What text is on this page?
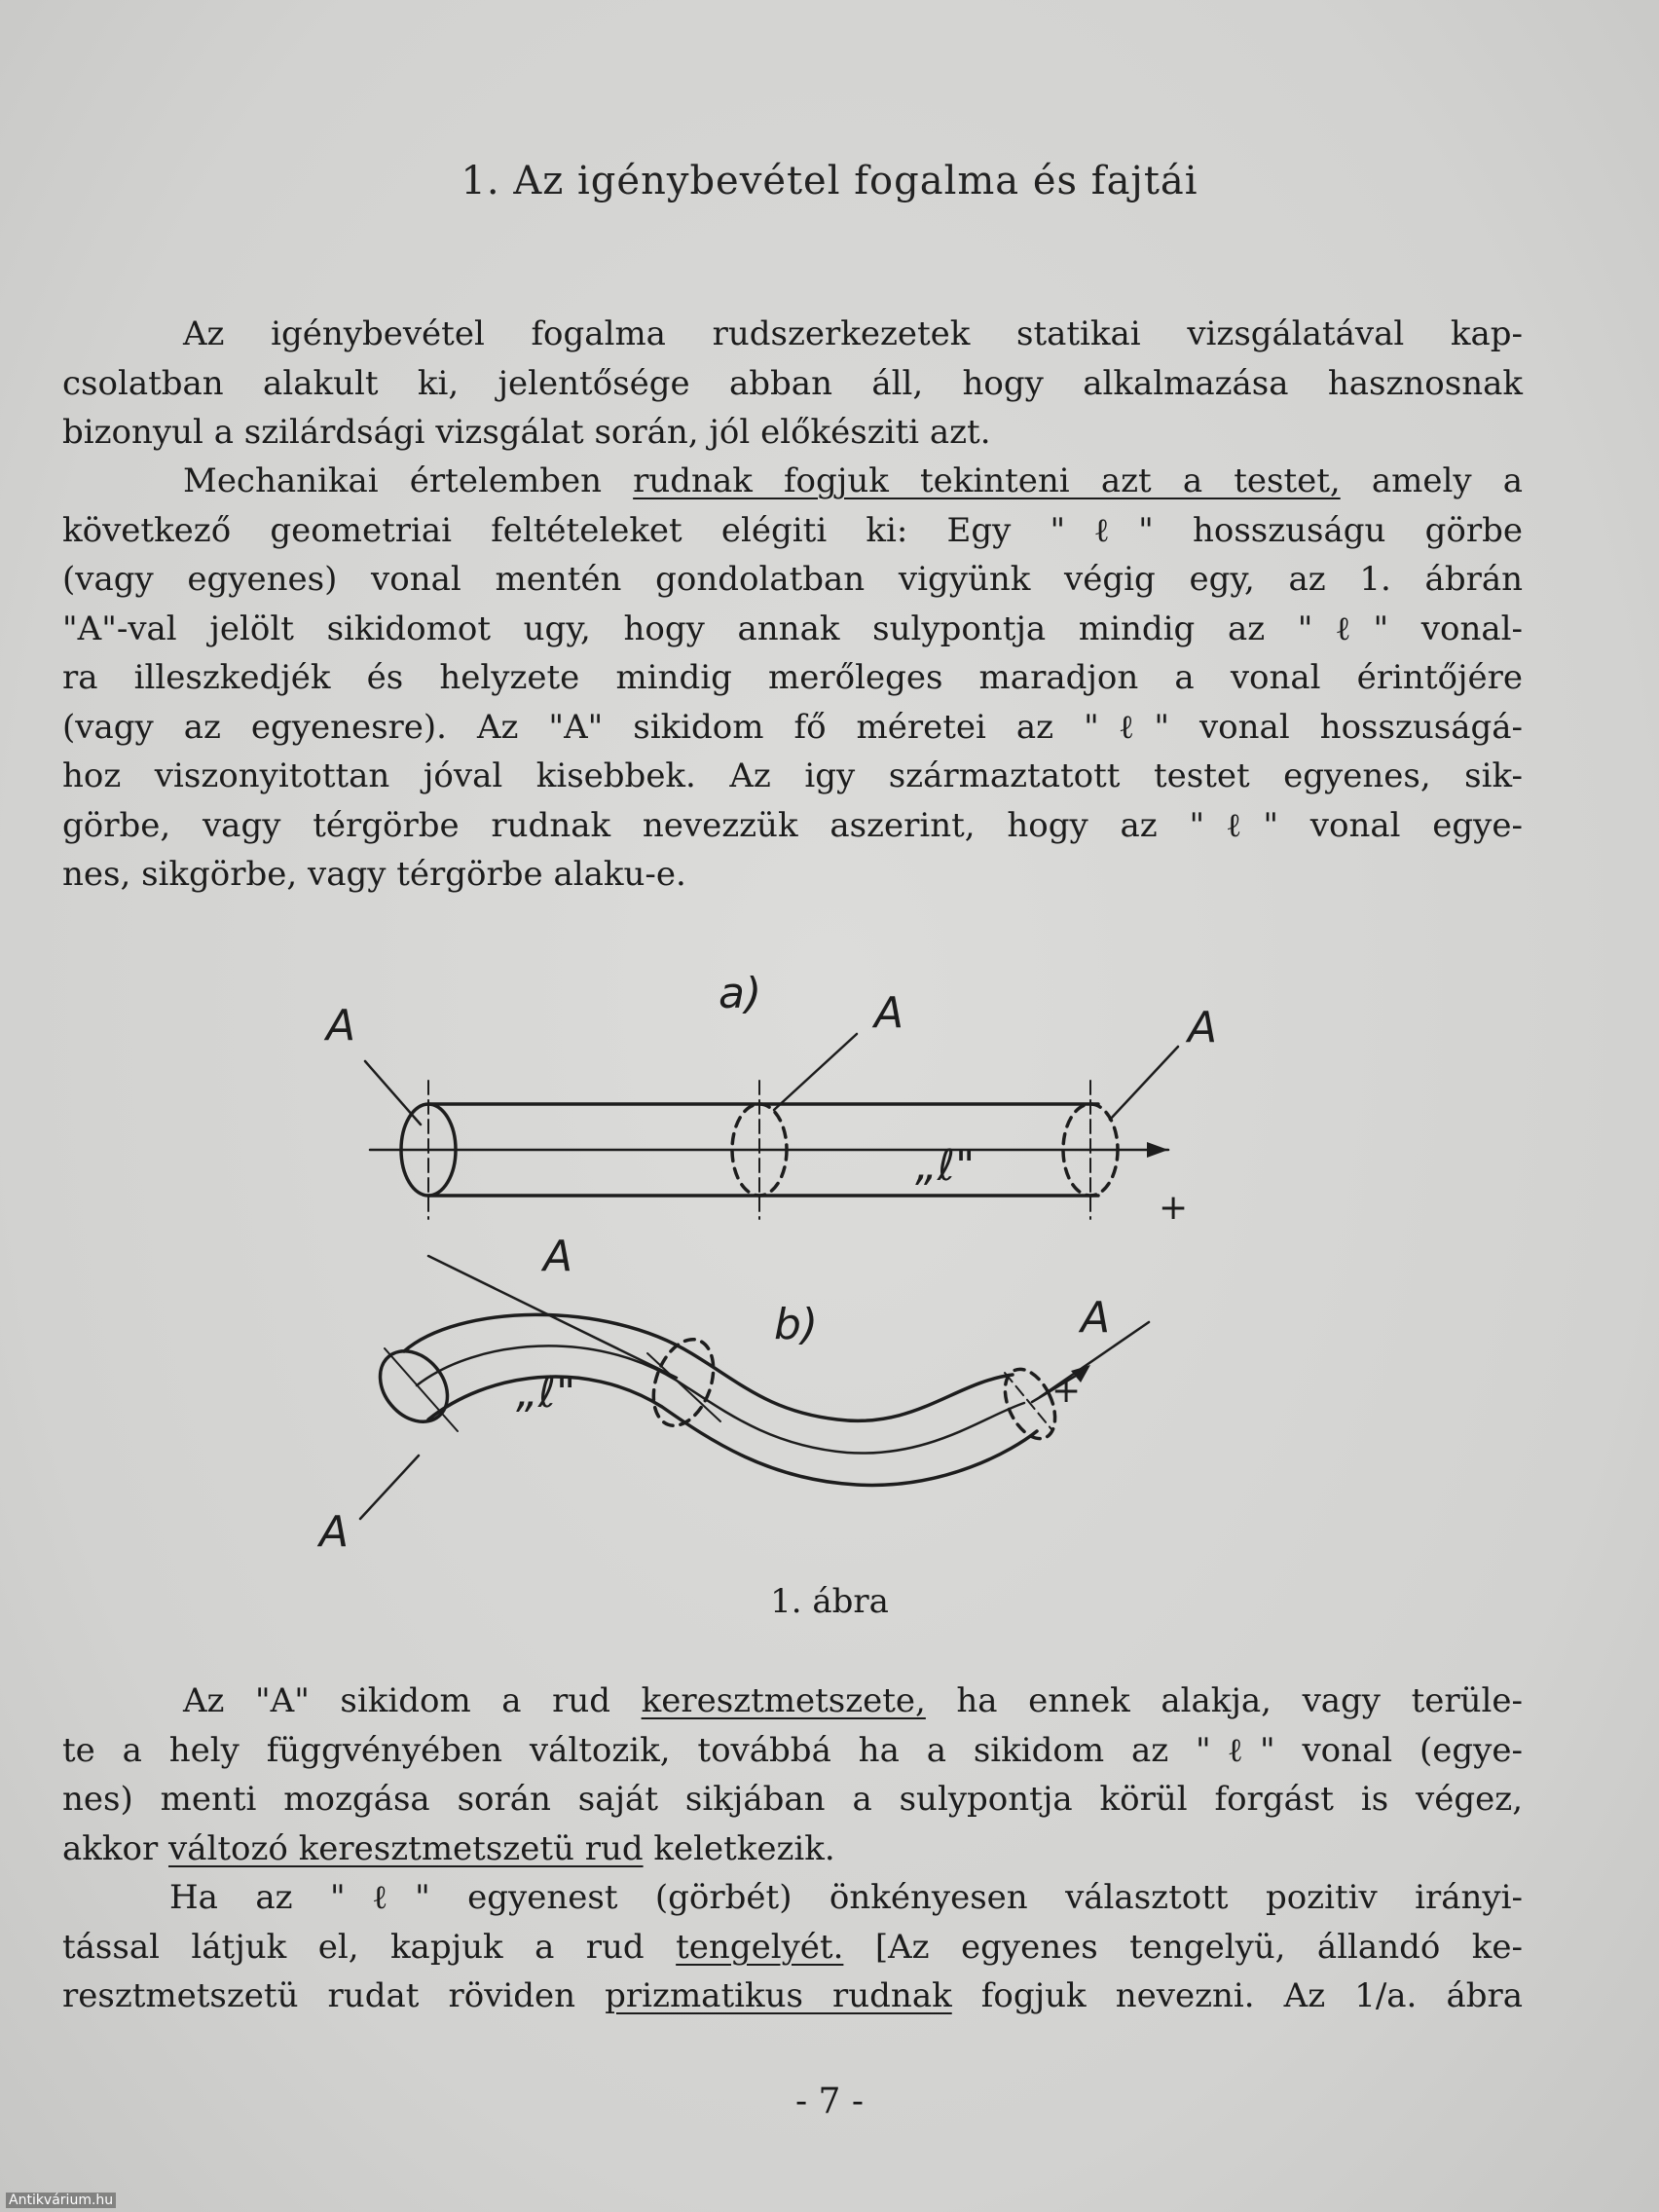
1. Az igénybevétel fogalma és fajtái
Az igénybevétel fogalma rudszerkezetek statikai vizsgálatával kap-
csolatban alakult ki, jelentősége abban áll, hogy alkalmazása hasznosnak
bizonyul a szilárdsági vizsgálat során, jól előkésziti azt.
Mechanikai értelemben rudnak fogjuk tekinteni azt a testet, amely a
következő geometriai feltételeket elégiti ki: Egy "ℓ" hosszuságu görbe
(vagy egyenes) vonal mentén gondolatban vigyünk végig egy, az 1. ábrán
"A"-val jelölt sikidomot ugy, hogy annak sulypontja mindig az "ℓ" vonal-
ra illeszkedjék és helyzete mindig merőleges maradjon a vonal érintőjére
(vagy az egyenesre). Az "A" sikidom fő méretei az "ℓ" vonal hosszuságá-
hoz viszonyitottan jóval kisebbek. Az igy származtatott testet egyenes, sik-
görbe, vagy térgörbe rudnak nevezzük aszerint, hogy az "ℓ" vonal egye-
nes, sikgörbe, vagy térgörbe alaku-e.
a)
b)
A	A	A
A
A
A
„ℓ"
„ℓ"
+
+
1. ábra
Az "A" sikidom a rud keresztmetszete, ha ennek alakja, vagy terüle-
te a hely függvényében változik, továbbá ha a sikidom az "ℓ" vonal (egye-
nes) menti mozgása során saját sikjában a sulypontja körül forgást is végez,
akkor változó keresztmetszetü rud keletkezik.
Ha az "ℓ" egyenest (görbét) önkényesen választott pozitiv irányi-
tással látjuk el, kapjuk a rud tengelyét. [Az egyenes tengelyü, állandó ke-
resztmetszetü rudat röviden prizmatikus rudnak fogjuk nevezni. Az 1/a. ábra
- 7 -
Antikvárium.hu
